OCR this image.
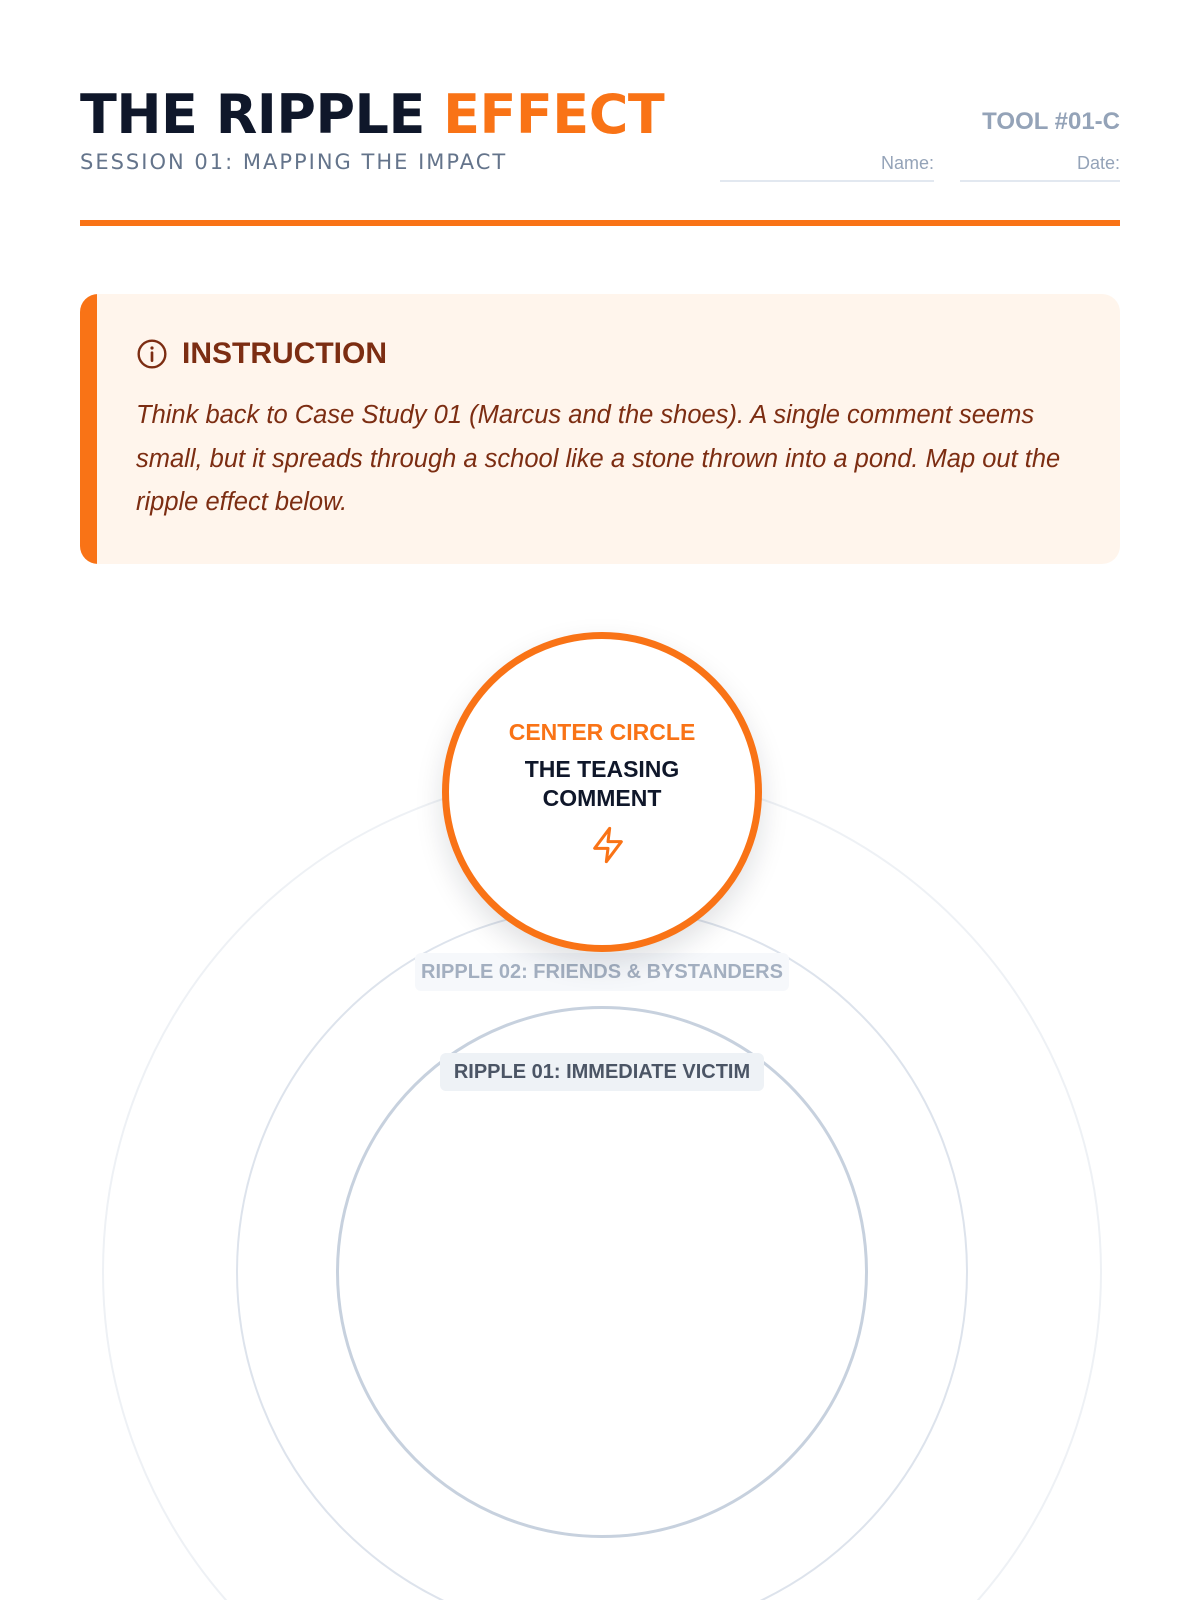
THE RIPPLE EFFECT
SESSION 01: MAPPING THE IMPACT
TOOL #01-C
Name:	Date:
INSTRUCTION

Think back to Case Study 01 (Marcus and the shoes). A single comment seems small, but it spreads through a school like a stone thrown into a pond. Map out the ripple effect below.

RIPPLE 02: FRIENDS & BYSTANDERS
RIPPLE 01: IMMEDIATE VICTIM
CENTER CIRCLE
THE TEASING
COMMENT
